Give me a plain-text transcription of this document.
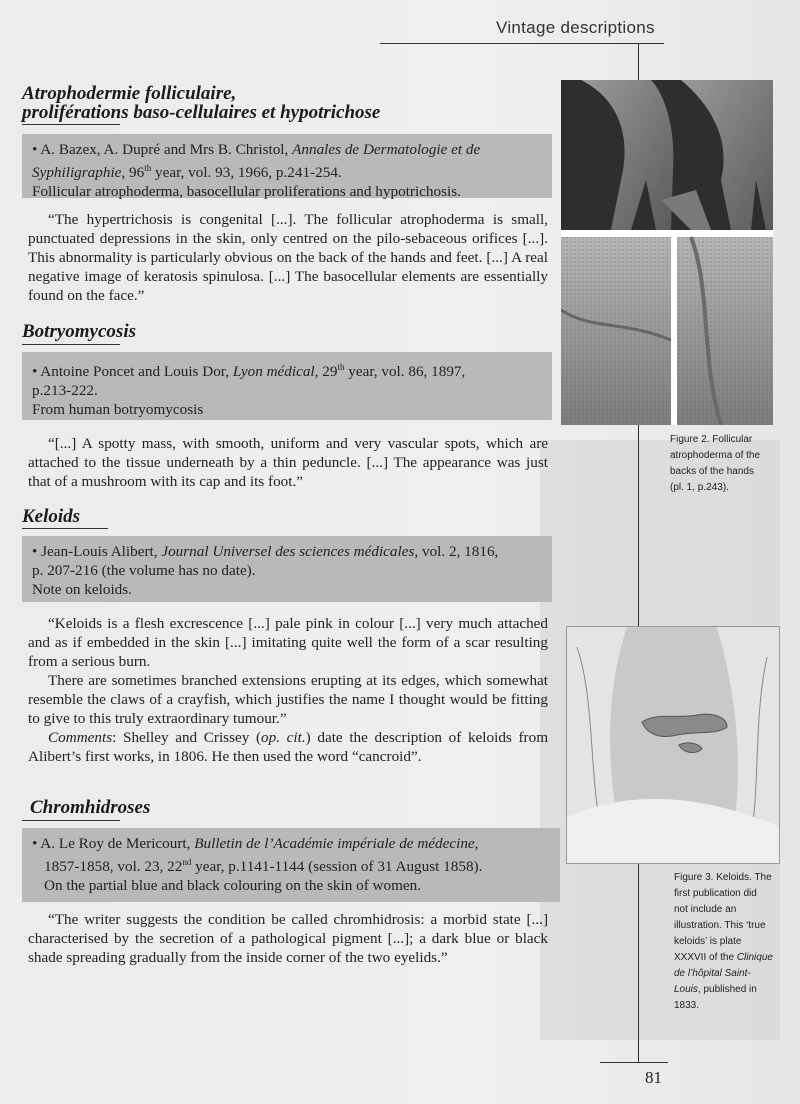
Vintage descriptions
Atrophodermie folliculaire,
proliférations baso-cellulaires et hypotrichose
• A. Bazex, A. Dupré and Mrs B. Christol, Annales de Dermatologie et de
Syphiligraphie, 96th year, vol. 93, 1966, p.241-254.
Follicular atrophoderma, basocellular proliferations and hypotrichosis.

“The hypertrichosis is congenital [...]. The follicular atrophoderma is small, punctuated depressions in the skin, only centred on the pilo-sebaceous orifices [...]. This abnormality is particularly obvious on the back of the hands and feet. [...] A real negative image of keratosis spinulosa. [...] The basocellular elements are essentially found on the face.”

Botryomycosis
• Antoine Poncet and Louis Dor, Lyon médical, 29th year, vol. 86, 1897,
p.213-222.
From human botryomycosis

“[...] A spotty mass, with smooth, uniform and very vascular spots, which are attached to the tissue underneath by a thin peduncle. [...] The appearance was just that of a mushroom with its cap and its foot.”

Keloids
• Jean-Louis Alibert, Journal Universel des sciences médicales, vol. 2, 1816,
p. 207-216 (the volume has no date).
Note on keloids.

“Keloids is a flesh excrescence [...] pale pink in colour [...] very much attached and as if embedded in the skin [...] imitating quite well the form of a scar resulting from a serious burn.

There are sometimes branched extensions erupting at its edges, which somewhat resemble the claws of a crayfish, which justifies the name I thought would be fitting to give to this truly extraordinary tumour.”

Comments: Shelley and Crissey (op. cit.) date the description of keloids from Alibert’s first works, in 1806. He then used the word “cancroid”.

Chromhidroses
• A. Le Roy de Mericourt, Bulletin de l’Académie impériale de médecine,
1857-1858, vol. 23, 22nd year, p.1141-1144 (session of 31 August 1858).
On the partial blue and black colouring on the skin of women.

“The writer suggests the condition be called chromhidrosis: a morbid state [...] characterised by the secretion of a pathological pigment [...]; a dark blue or black shade spreading gradually from the inside corner of the two eyelids.”

Figure 2. Follicular
atrophoderma of the
backs of the hands
(pl. 1, p.243).
Figure 3. Keloids. The
first publication did
not include an
illustration. This ‘true
keloids’ is plate
XXXVII of the Clinique
de l’hôpital Saint-
Louis, published in
1833.
81
